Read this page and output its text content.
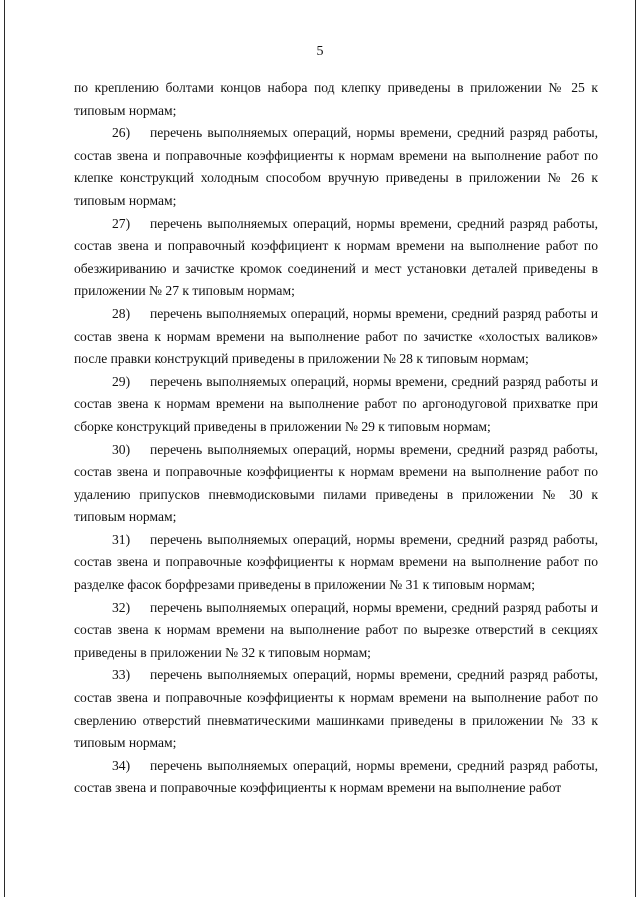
5

по креплению болтами концов набора под клепку приведены в приложении № 25 к типовым нормам;

26) перечень выполняемых операций, нормы времени, средний разряд работы, состав звена и поправочные коэффициенты к нормам времени на выполнение работ по клепке конструкций холодным способом вручную приведены в приложении № 26 к типовым нормам;

27) перечень выполняемых операций, нормы времени, средний разряд работы, состав звена и поправочный коэффициент к нормам времени на выполнение работ по обезжириванию и зачистке кромок соединений и мест установки деталей приведены в приложении № 27 к типовым нормам;

28) перечень выполняемых операций, нормы времени, средний разряд работы и состав звена к нормам времени на выполнение работ по зачистке «холостых валиков» после правки конструкций приведены в приложении № 28 к типовым нормам;

29) перечень выполняемых операций, нормы времени, средний разряд работы и состав звена к нормам времени на выполнение работ по аргонодуговой прихватке при сборке конструкций приведены в приложении № 29 к типовым нормам;

30) перечень выполняемых операций, нормы времени, средний разряд работы, состав звена и поправочные коэффициенты к нормам времени на выполнение работ по удалению припусков пневмодисковыми пилами приведены в приложении № 30 к типовым нормам;

31) перечень выполняемых операций, нормы времени, средний разряд работы, состав звена и поправочные коэффициенты к нормам времени на выполнение работ по разделке фасок борфрезами приведены в приложении № 31 к типовым нормам;

32) перечень выполняемых операций, нормы времени, средний разряд работы и состав звена к нормам времени на выполнение работ по вырезке отверстий в секциях приведены в приложении № 32 к типовым нормам;

33) перечень выполняемых операций, нормы времени, средний разряд работы, состав звена и поправочные коэффициенты к нормам времени на выполнение работ по сверлению отверстий пневматическими машинками приведены в приложении № 33 к типовым нормам;

34) перечень выполняемых операций, нормы времени, средний разряд работы, состав звена и поправочные коэффициенты к нормам времени на выполнение работ
